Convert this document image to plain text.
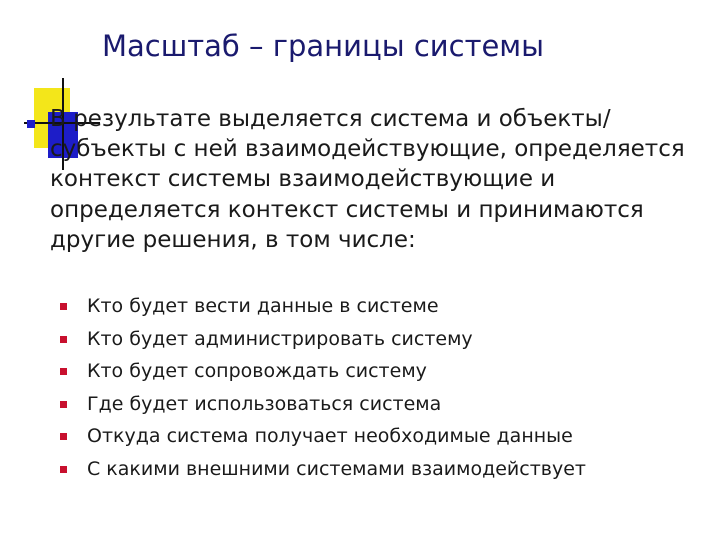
Масштаб – границы системы
В результате выделяется система и объекты/субъекты с ней взаимодействующие, определяется контекст системы взаимодействующие и определяется контекст системы и принимаются другие решения, в том числе:
Кто будет вести данные в системе
Кто будет администрировать систему
Кто будет сопровождать систему
Где будет использоваться система
Откуда система получает необходимые данные
С какими внешними системами взаимодействует
